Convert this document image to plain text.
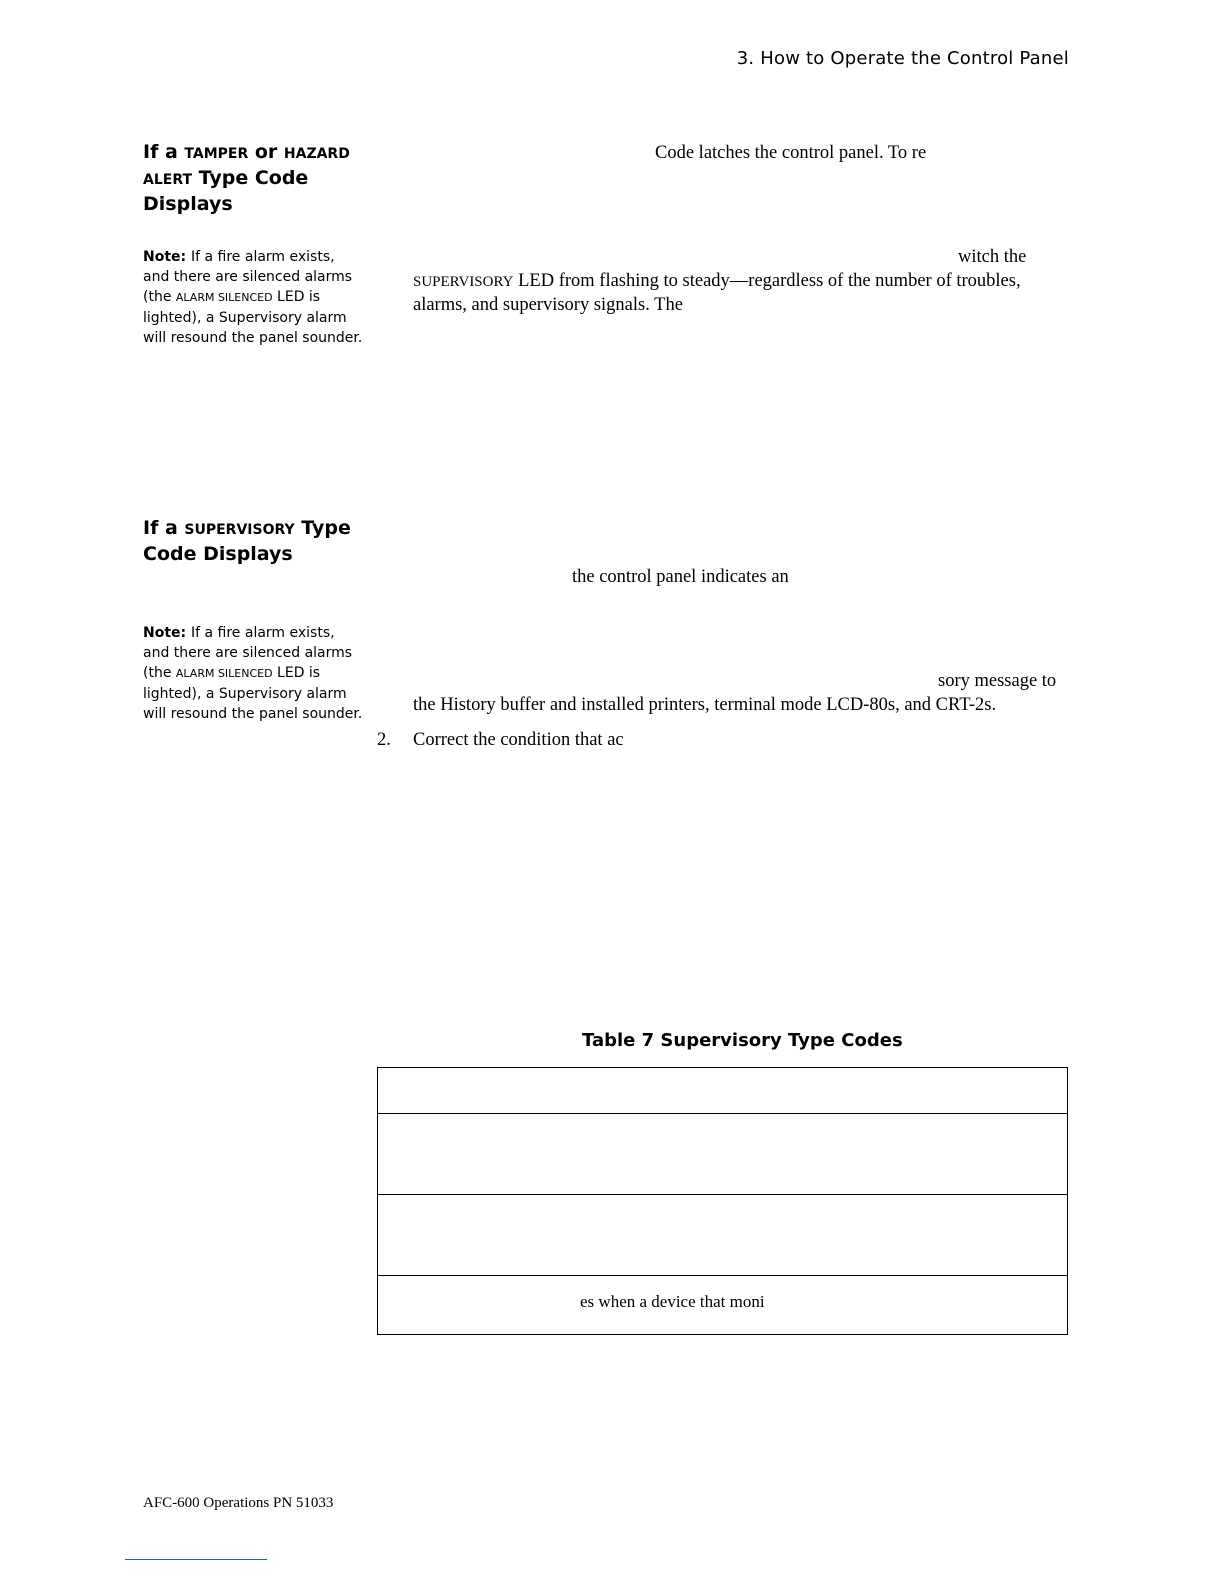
3. How to Operate the Control Panel
If a TAMPER or HAZARD ALERT Type Code Displays
Note: If a fire alarm exists, and there are silenced alarms (the ALARM SILENCED LED is lighted), a Supervisory alarm will resound the panel sounder.
Code latches the control panel. To re
witch the
SUPERVISORY LED from flashing to steady—regardless of the number of troubles,
alarms, and supervisory signals. The
If a SUPERVISORY Type Code Displays
the control panel indicates an
Note: If a fire alarm exists, and there are silenced alarms (the ALARM SILENCED LED is lighted), a Supervisory alarm will resound the panel sounder.
sory message to
the History buffer and installed printers, terminal mode LCD-80s, and CRT-2s.
2. Correct the condition that ac
Table 7 Supervisory Type Codes
es when a device that moni
AFC-600 Operations PN 51033
